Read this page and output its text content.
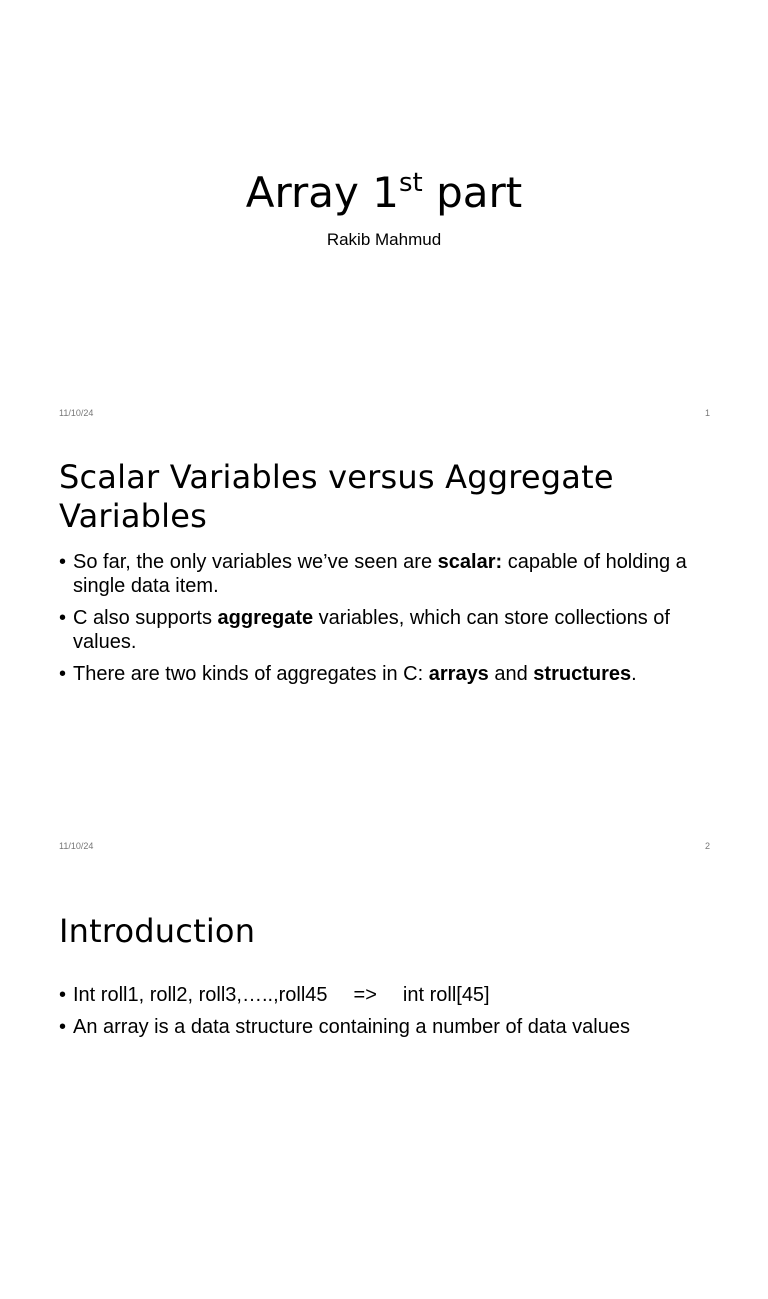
Array 1st part
Rakib Mahmud
11/10/24	1
Scalar Variables versus Aggregate Variables
• So far, the only variables we’ve seen are scalar: capable of holding a single data item.
• C also supports aggregate variables, which can store collections of values.
• There are two kinds of aggregates in C: arrays and structures.
11/10/24	2
Introduction
• Int roll1, roll2, roll3,…..,roll45 => int roll[45]
• An array is a data structure containing a number of data values
